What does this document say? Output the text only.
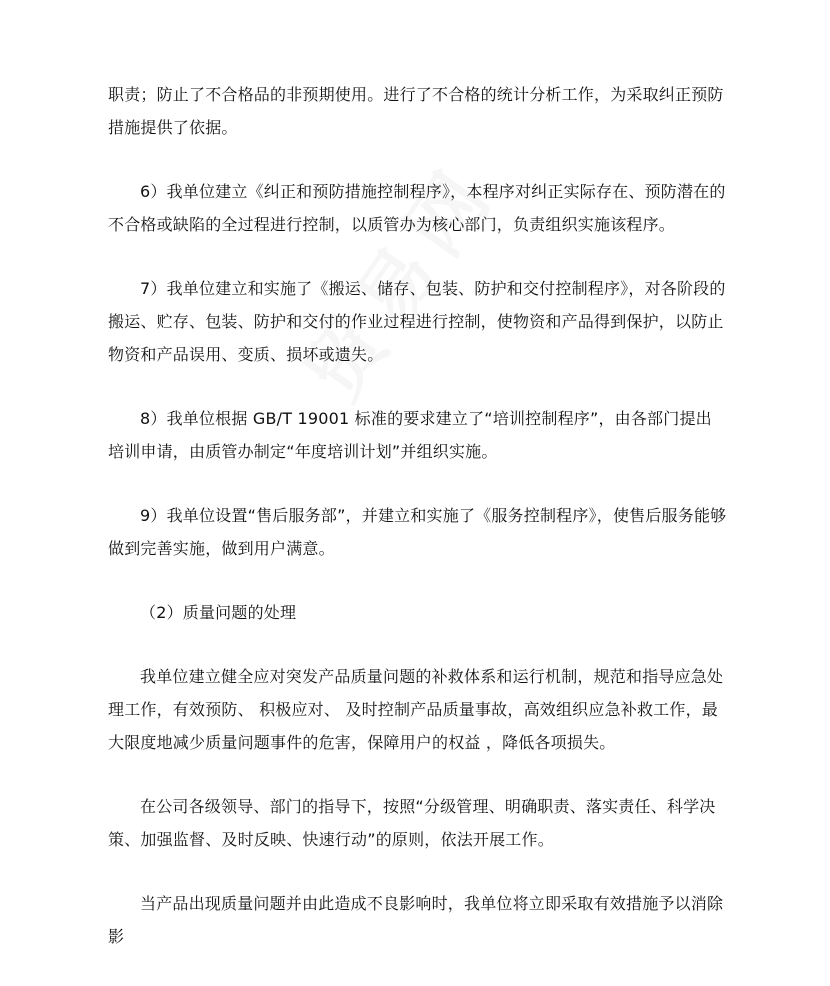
职责；防止了不合格品的非预期使用。进行了不合格的统计分析工作，为采取纠正预防措施提供了依据。

6）我单位建立《纠正和预防措施控制程序》，本程序对纠正实际存在、预防潜在的不合格或缺陷的全过程进行控制，以质管办为核心部门，负责组织实施该程序。

7）我单位建立和实施了《搬运、储存、包装、防护和交付控制程序》，对各阶段的搬运、贮存、包装、防护和交付的作业过程进行控制，使物资和产品得到保护，以防止物资和产品误用、变质、损坏或遗失。

8）我单位根据 GB/T 19001 标准的要求建立了“培训控制程序”，由各部门提出培训申请，由质管办制定“年度培训计划”并组织实施。

9）我单位设置“售后服务部”，并建立和实施了《服务控制程序》，使售后服务能够做到完善实施，做到用户满意。

（2）质量问题的处理

我单位建立健全应对突发产品质量问题的补救体系和运行机制，规范和指导应急处理工作，有效预防、 积极应对、 及时控制产品质量事故，高效组织应急补救工作，最大限度地减少质量问题事件的危害，保障用户的权益 ，降低各项损失。

在公司各级领导、部门的指导下，按照“分级管理、明确职责、落实责任、科学决策、加强监督、及时反映、快速行动”的原则，依法开展工作。

当产品出现质量问题并由此造成不良影响时，我单位将立即采取有效措施予以消除影
